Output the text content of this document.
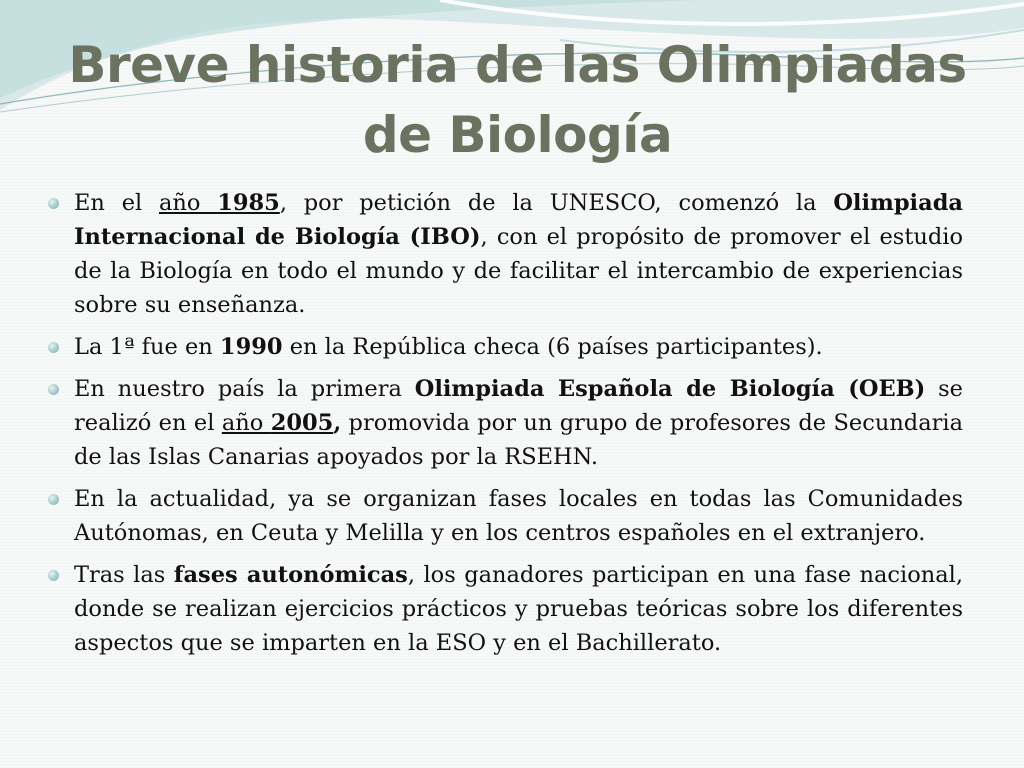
Breve historia de las Olimpiadas
de Biología
En el año 1985, por petición de la UNESCO, comenzó la Olimpiada Internacional de Biología (IBO), con el propósito de promover el estudio de la Biología en todo el mundo y de facilitar el intercambio de experiencias sobre su enseñanza.
La 1ª fue en 1990 en la República checa (6 países participantes).
En nuestro país la primera Olimpiada Española de Biología (OEB) se realizó en el año 2005, promovida por un grupo de profesores de Secundaria de las Islas Canarias apoyados por la RSEHN.
En la actualidad, ya se organizan fases locales en todas las Comunidades Autónomas, en Ceuta y Melilla y en los centros españoles en el extranjero.
Tras las fases autonómicas, los ganadores participan en una fase nacional, donde se realizan ejercicios prácticos y pruebas teóricas sobre los diferentes aspectos que se imparten en la ESO y en el Bachillerato.
